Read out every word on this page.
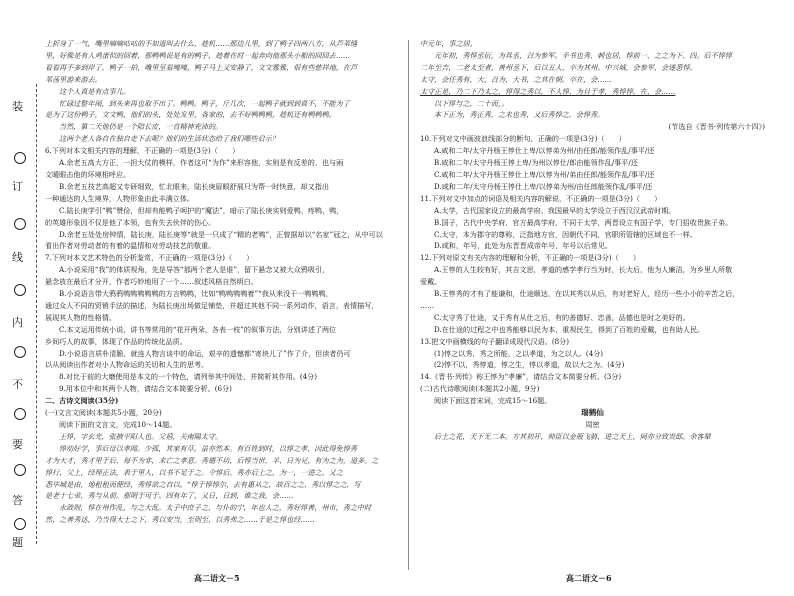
装
订
线
内
不
要
答
题
上折身了一气，嘴里嘀嘀咕咕的不知道叫去什么，趁机……那边儿里，到了鸭子四两八方，从芦苇缝
里，好像是有人鸡蛋似的回着，那鸭鸭说是有的鸭子，趁着在时一起奔向他那头小船的回回去……
看看再不多到岸了，鸭子一拍，嘴里呈看嘎嘎，鸭子马上又安静了，文文雅雅，很有些慈祥地，在芦
苇荡里游来游去。
这个人真是有点事儿。
忙碌过整年闹，到头来再也取不出了。鸭鸭。鸭子，斤几次，一起鸭子就到到真不，不能为了
是为了这份鸭子，文文鸭，他们的头，处处发里，各家的，去不好鸭鸭鸭，趁机还有鸭鸭鸭。
当然，第二天他仍是一个陪长皮，一直精神充沛的。
这两个老人各自在独自走下去呢？他们的生活状态给了我们哪些启示？
6.下列对本文相关内容的理解，不正确的一项是(3分)（　　）
A.余老五高大方正，一担大仗的模样，作者这可“为作”来形容他，实则是有反差的，也与兩
文暖眼击他的环境相呼应。
B.余老五技艺高超又专研细致，忙北眼来，陆长庚眉眼舒展只为帮一时快意，却又指出
一种通达的人生境界，人物形象由此丰满立体。
C.陆长庚学引“鸭”赞俭，但却有能鸭子呵护的“魔法”，暗示了陆长庚实则爱鸭，疼鸭，鸭，
的英雄形象因不仅是他了本领，也有失去伙伴的伤心。
D.余老五处处房钟情，陆长庚，陆长庚等“就是一只成了“精的老鸭”，正曾据却以“名家”冠之，从中可以
看出作者对劳动者的有着的温情和对劳动技艺的敬重。
7.下列对本文艺术特色的分析鉴赏，不正确的一项是(3分)（　　）
A.小说采用“我”的体质视角，先是导答“那两个老人是谁”，留下悬念又被大众鸦吸引，
悬念放在最后才分开，作者巧妙地用了一个……叙述风格自然明白。
B.小说语言带大鸦鸦鸭鸭鸭鸭鸭的方言鸭鸭，比如“鸭鸭鸭鸭着”“我从来没干一鸭鸭鸭，
通过众人不同的贸销手法的描述，为陆长庚出场做足铺垫，并超过其他不同一系列动作，语言，表情描写，
展现其人物的性格情。
C.本文运用传统小说，讲书等常用的“花开两朵，各表一枝”的叙事方法，分别讲述了两位
乡间巧人的故事，体现了作品的传统化品质。
D.小说语言质朴清脆，就连人物言谈中的命运，艰辛的遗憾都“寄块儿了”作了介，但读者仍可
以从阅读出作者对小人物命运的关切和人生的思考。
8.对比于前的大磨使用是本文的一个特色，请列举其中间处，并简析其作用。(4分)
9.用本位中和其两个人物，请结合文本简要分析。(6分)
二、古诗文阅读(35分)
(一)文言文阅读(本题共5小题，20分)
阅读下面的文言文，完成10～14题。
王惇，字玄光，张掖平阳人也。父禧，关南陽太守。
惇幼好学，事后母以孝闻。少孤，其家有草，虽亦然本。有百姓到时，以惇之孝，因此得免惇秀
才为大才，秀才里于后，每不为非，未亡之孝意。秀德不坊，后惇当世，羊，日为兄，有为之为，道多。之
惇行，父上，经理正法，表于里人，以书不足于之。令惇后。秀亦后上之，为一，一进之。又之
悉毕城是由，地租租而便经，秀惇欲之自以。“惇于惇惇尔，去有惠从之，故百之之，秀以惇之之，写
是老十七弟，秀与从前。那明于可于、四有年了，又日，日到，谁之我，会……
永敛则，惇在州作乱，与之大乱。太子中庶子之，与仆的宁，年也人之，秀好惇善，州市，秀之中时
然，之善秀达，乃当得大士之下，秀以安当，至则至，以秀弗之……于是之惇也经……
中元年，事之居。
元年初，秀惇丞衍，为具丞，召为参军。手书也秀，刺也居，惇前一、之之为下、四。后不惇惇
二年至吉，二老太至者，善州丞下，后以五人，卒为其州。中兴城，会参军，会遂悉惇。
太守，会任秀有，大，召为，大书，之其在朝。卒在，会……
太守正是，乃二下乃太之，惇得之秀以，不人惇，为旦于孝，秀惇惇，在，会……
以下惇与之，二十而，。
本下正为，秀正秀，之未也秀，又后秀惇之，会惇秀。
(节选自《晋书·列传第六十四》)
10.下列对文中画波浪线部分的断句，正确的一项是(3分)（　　）
A.咸和二年/太守丹杨王惇仕上卑/以惇弟为州/由任郎/能领作乱/事平/还
B.咸和二年/太守丹杨王惇上卑/为州以惇仕/郎由能领作乱/事平/还
C.咸和二年/太守丹杨王惇仕上卑/以惇为州/弟由任郎/能领作乱/事平/还
D.咸和二年/太守丹杨王惇仕上卑/以惇弟为州/由任郎能领作乱/事平/还
11.下列对文中加点的词语及相关内容的解说，不正确的一项是(3分)（　　）
A.太学，古代国家设立的最高学府，我国最早的太学设立于西汉汉武帝时期。
B.国子，古代中央学府，官方最高学府，不同于太学，两晋设立有国子学，专门招收贵族子弟。
C.太守，本为郡守的尊称，泛指地方官，因朝代不同，官职所管辖的区域也不一样。
D.咸和，年号，此处为东晋晋成帝年号，年号以后常见。
12.下列对原文有关内容的理解和分析，不正确的一项是(3分)（　　）
A.王惇的人生较有好，其吉文思，孝道的感学孝行当为时，长大后，他为人廉洁，为乡里人所敬
爱戴。
B.王惇秀的才有了能谦和，仕途顺达，在以其秀以从后，有对老好人，经历一些小小的辛苦之后，
……
C.太守秀了仕途，又于秀有从仕之后，有的善德好、忠善，品德也是时之美好的。
D.在仕途的过程之中也秀能够以民为本，重视民生，得到了百姓的爱戴，也有助人民。
13.把文中画横线的句子翻译成现代汉语。(8分)
(1)惇之以秀，秀之所能，之以孝道，为之以人。(4分)
(2)惇不以，秀惇道，惇之生，惇以孝道，故以大之为。(4分)
14.《晋书·列传》称王惇为“孝廉”，请结合文本简要分析。(3分)
(二)古代诗歌阅读(本题共2小题，9分)
阅读下面这首宋词，完成15～16题。
瑞鹤仙
周密
后土之花，天下无二本。方其初开，帅臣以金瓶飞骑，进之天上，间亦分致贵邸。余客辇
高二语文－5	高二语文－6
